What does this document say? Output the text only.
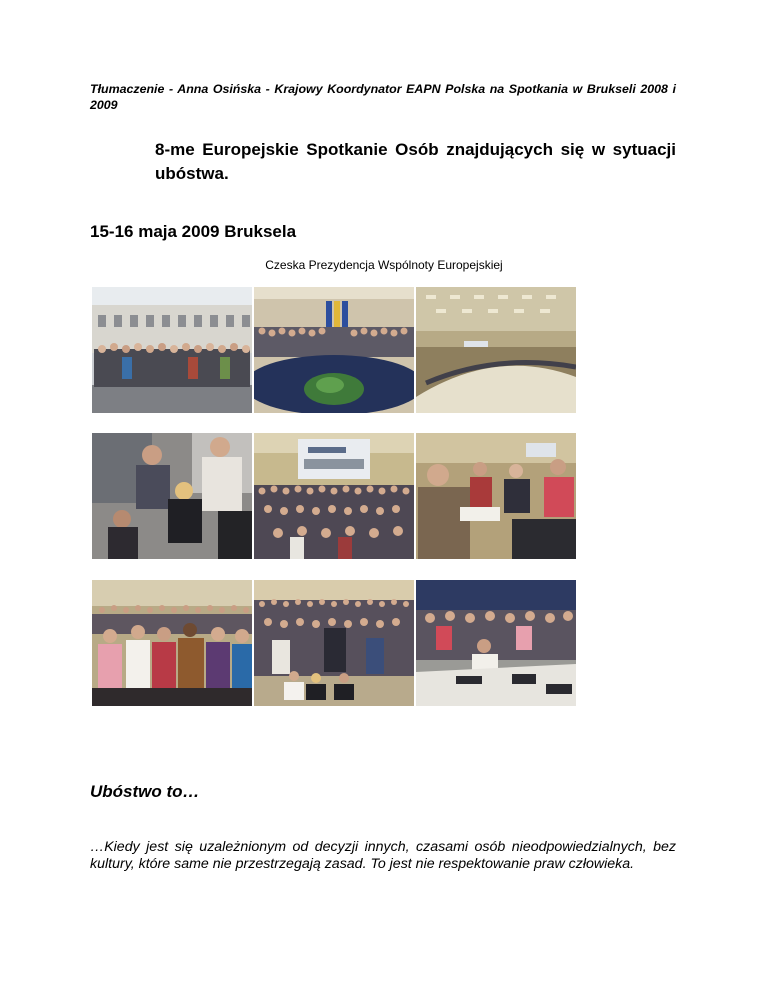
Tłumaczenie - Anna Osińska - Krajowy Koordynator EAPN Polska na Spotkania w Brukseli 2008 i 2009
8-me Europejskie Spotkanie Osób znajdujących się w sytuacji ubóstwa.
15-16 maja 2009 Bruksela
Czeska Prezydencja Wspólnoty Europejskiej
Ubóstwo to…
…Kiedy jest się uzależnionym od decyzji innych, czasami osób nieodpowiedzialnych, bez kultury, które same nie przestrzegają zasad. To jest nie respektowanie praw człowieka.
